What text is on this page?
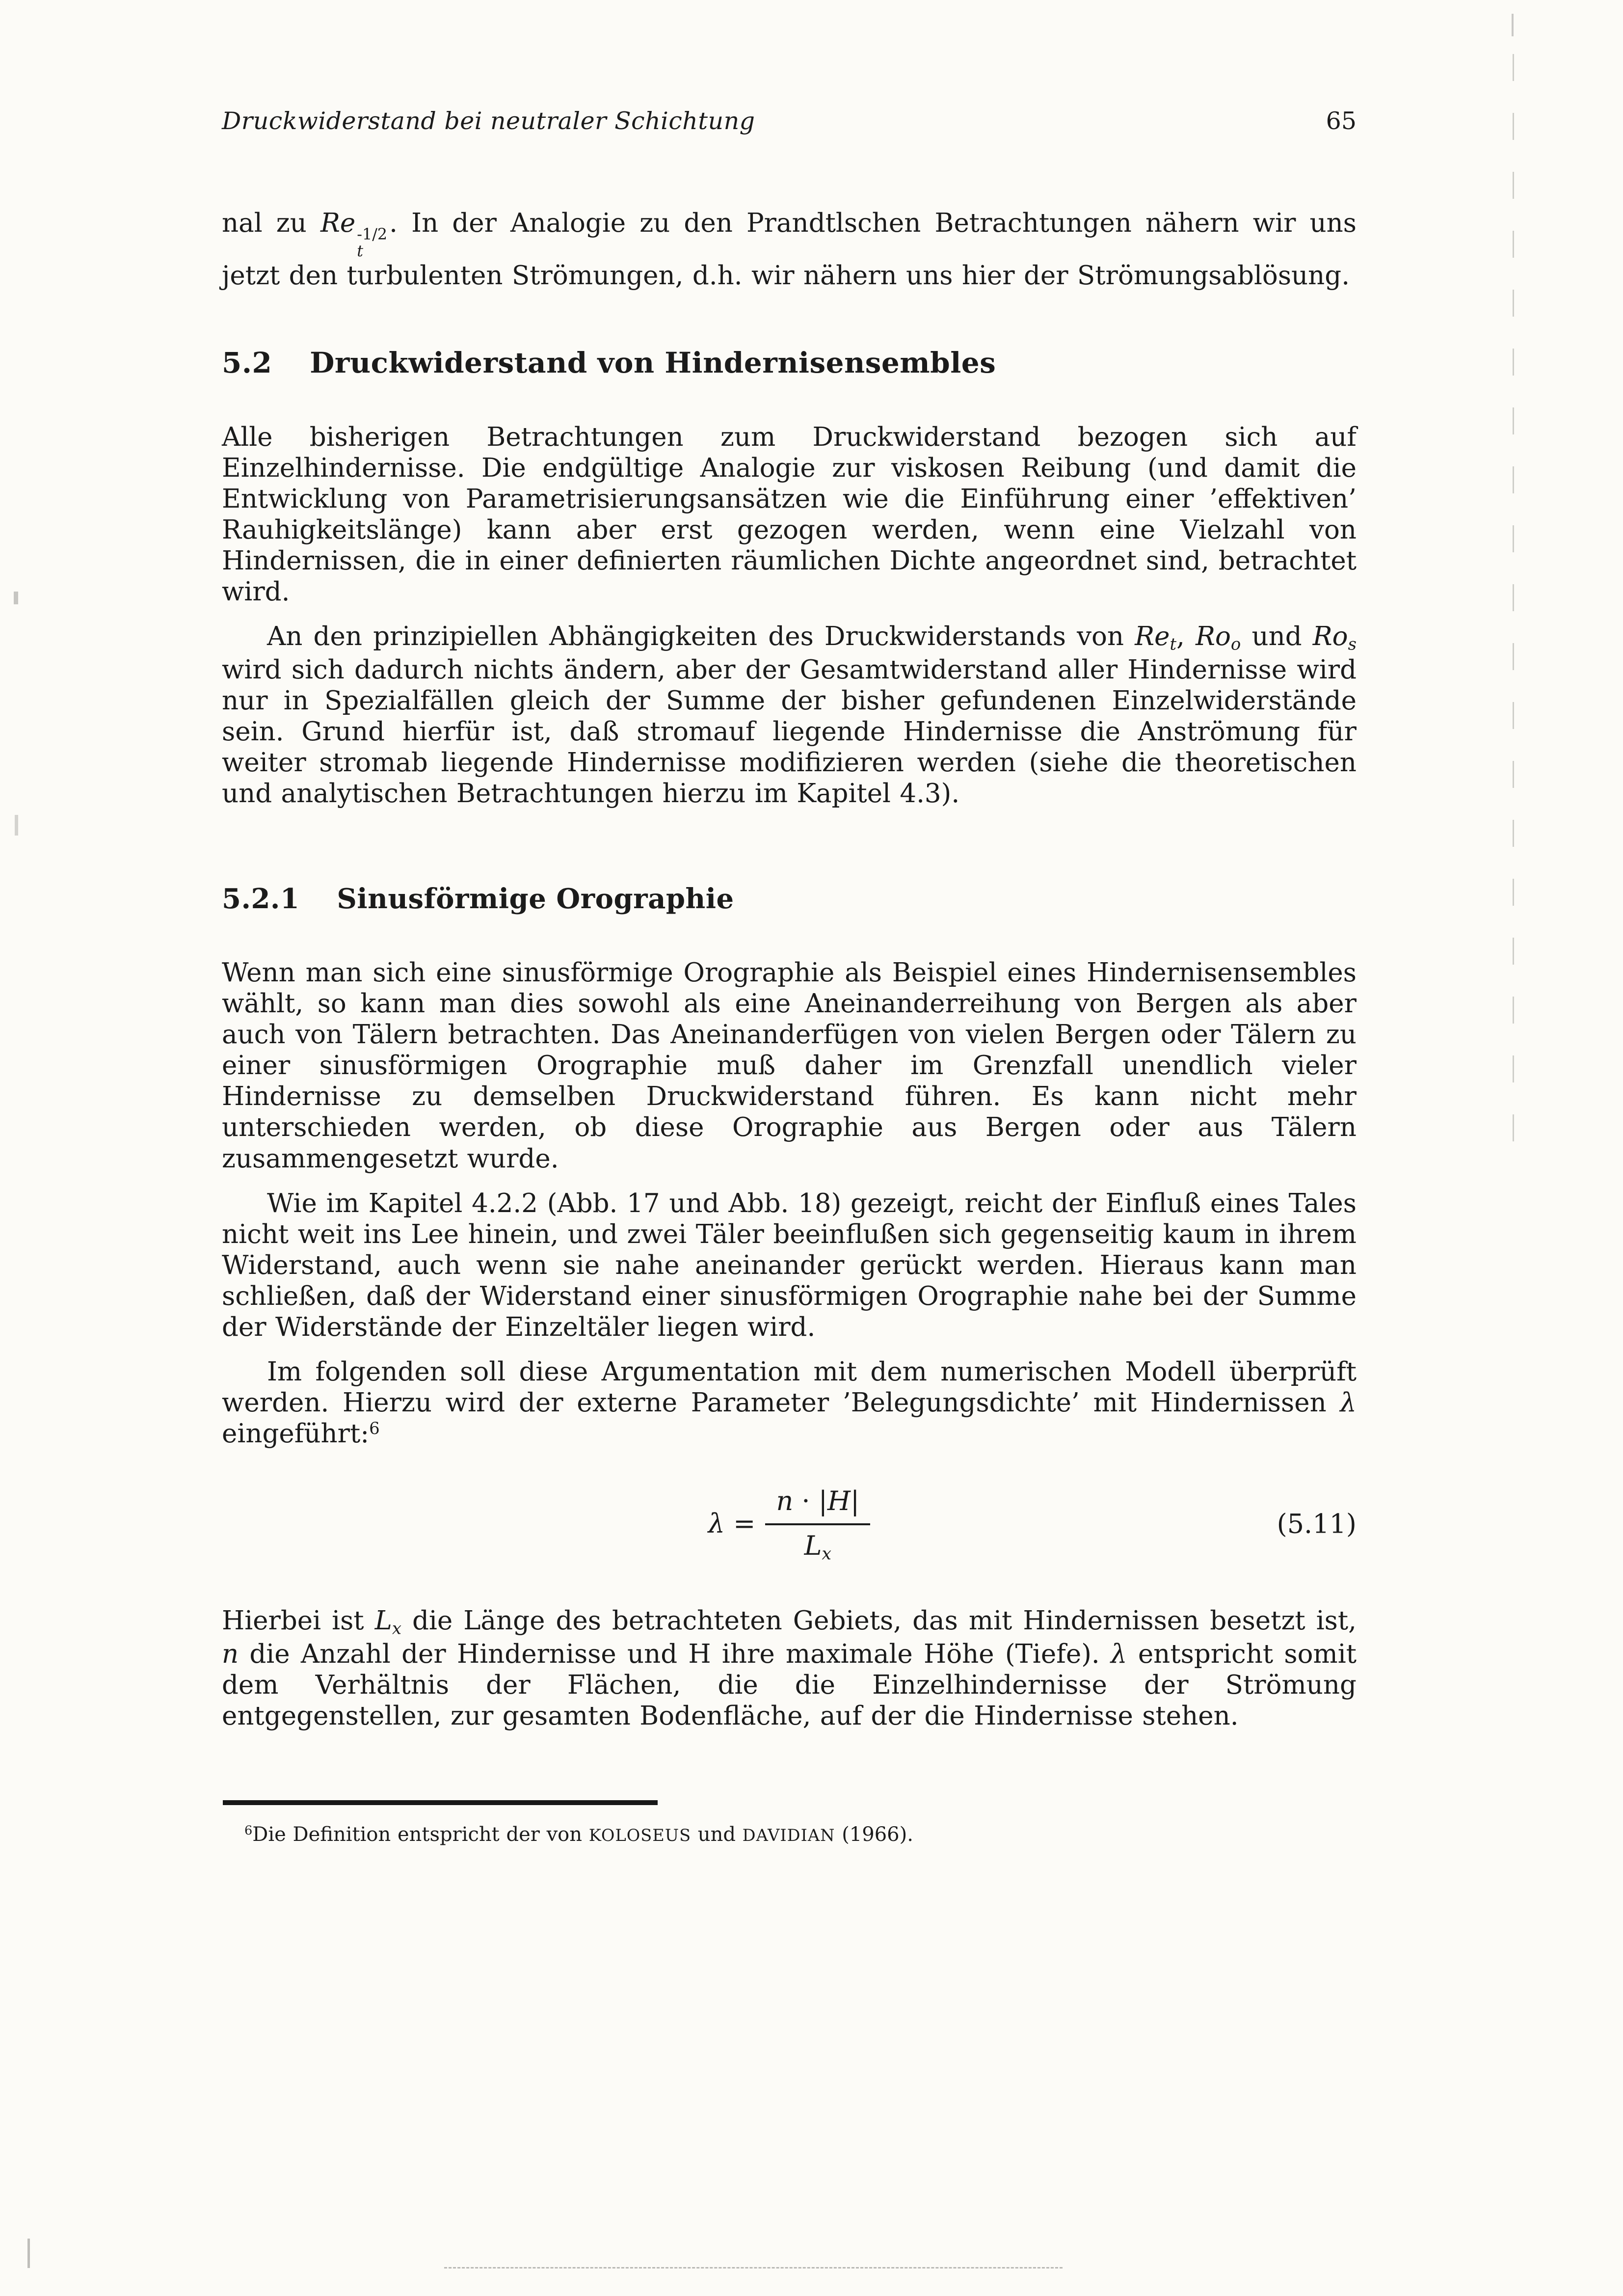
Druckwiderstand bei neutraler Schichtung	65

nal zu Re -1/2
t
. In der Analogie zu den Prandtlschen Betrachtungen nähern wir uns jetzt den turbulenten Strömungen, d.h. wir nähern uns hier der Strömungsablösung.

5.2 Druckwiderstand von Hindernisensembles

Alle bisherigen Betrachtungen zum Druckwiderstand bezogen sich auf Einzelhindernisse. Die endgültige Analogie zur viskosen Reibung (und damit die Entwicklung von Parametrisierungsansätzen wie die Einführung einer ’effektiven’ Rauhigkeitslänge) kann aber erst gezogen werden, wenn eine Vielzahl von Hindernissen, die in einer definierten räumlichen Dichte angeordnet sind, betrachtet wird.

An den prinzipiellen Abhängigkeiten des Druckwiderstands von Ret, Roo und Ros wird sich dadurch nichts ändern, aber der Gesamtwiderstand aller Hindernisse wird nur in Spezialfällen gleich der Summe der bisher gefundenen Einzelwiderstände sein. Grund hierfür ist, daß stromauf liegende Hindernisse die Anströmung für weiter stromab liegende Hindernisse modifizieren werden (siehe die theoretischen und analytischen Betrachtungen hierzu im Kapitel 4.3).

5.2.1 Sinusförmige Orographie

Wenn man sich eine sinusförmige Orographie als Beispiel eines Hindernisensembles wählt, so kann man dies sowohl als eine Aneinanderreihung von Bergen als aber auch von Tälern betrachten. Das Aneinanderfügen von vielen Bergen oder Tälern zu einer sinusförmigen Orographie muß daher im Grenzfall unendlich vieler Hindernisse zu demselben Druckwiderstand führen. Es kann nicht mehr unterschieden werden, ob diese Orographie aus Bergen oder aus Tälern zusammengesetzt wurde.

Wie im Kapitel 4.2.2 (Abb. 17 und Abb. 18) gezeigt, reicht der Einfluß eines Tales nicht weit ins Lee hinein, und zwei Täler beeinflußen sich gegenseitig kaum in ihrem Widerstand, auch wenn sie nahe aneinander gerückt werden. Hieraus kann man schließen, daß der Widerstand einer sinusförmigen Orographie nahe bei der Summe der Widerstände der Einzeltäler liegen wird.

Im folgenden soll diese Argumentation mit dem numerischen Modell überprüft werden. Hierzu wird der externe Parameter ’Belegungsdichte’ mit Hindernissen λ eingeführt:$^6$

$\lambda = \frac{n \cdot |H|}{Lx}$	(5.11)

Hierbei ist Lx die Länge des betrachteten Gebiets, das mit Hindernissen besetzt ist, n die Anzahl der Hindernisse und H ihre maximale Höhe (Tiefe). λ entspricht somit dem Verhältnis der Flächen, die die Einzelhindernisse der Strömung entgegenstellen, zur gesamten Bodenfläche, auf der die Hindernisse stehen.

$^6$Die Definition entspricht der von KOLOSEUS und DAVIDIAN (1966).
